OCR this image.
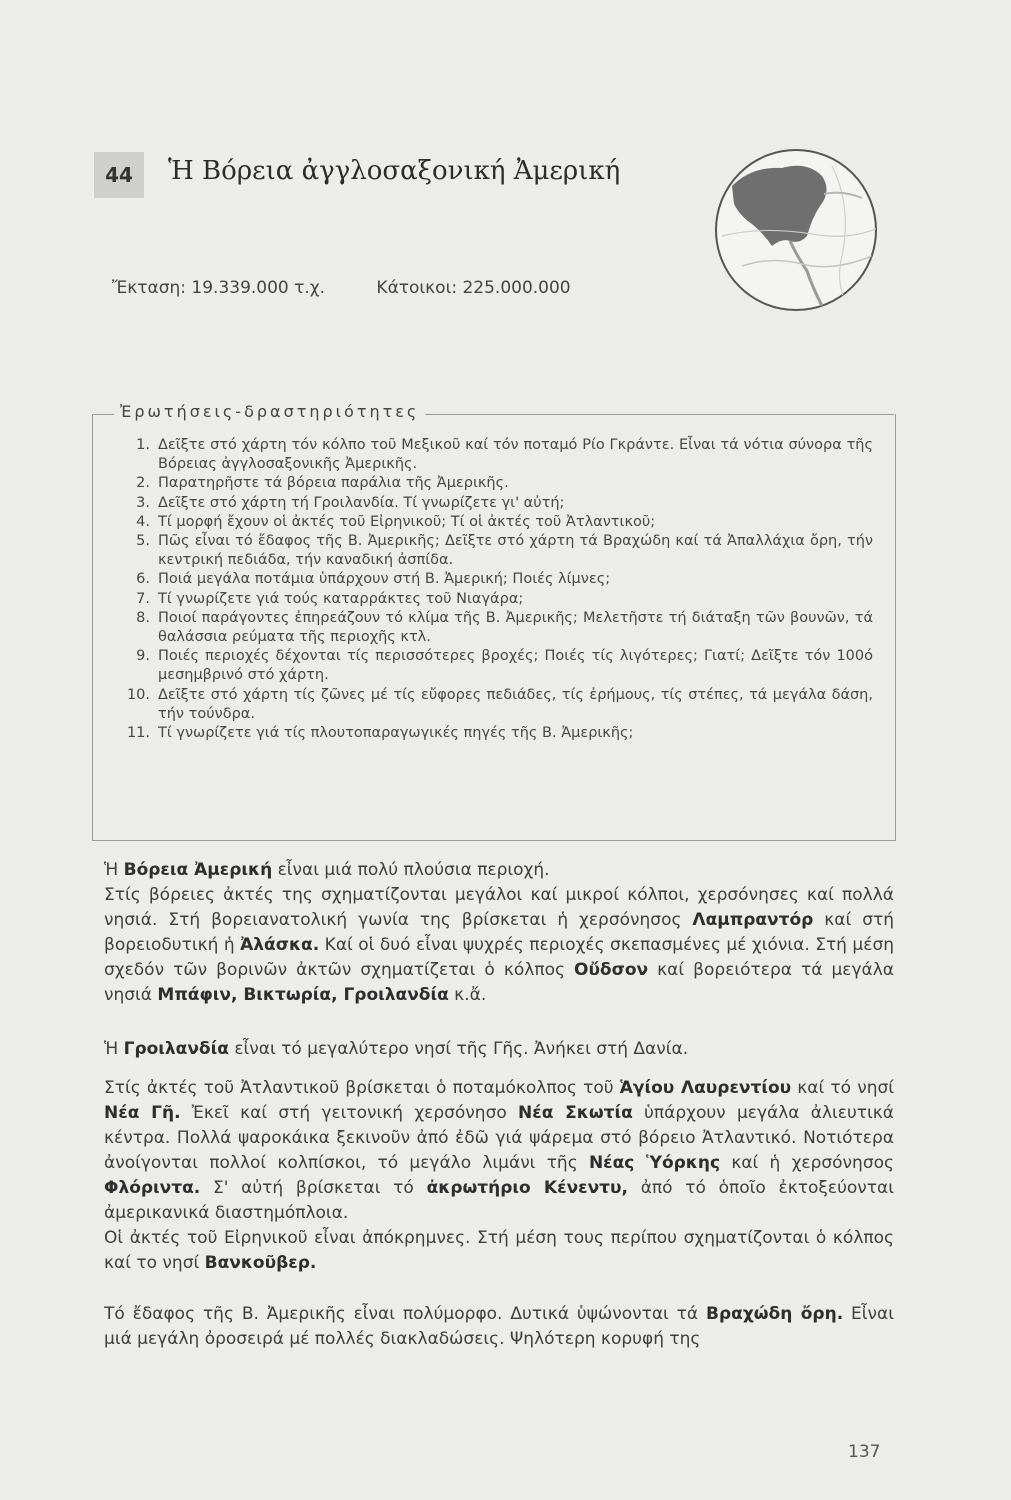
44	Ἡ Βόρεια ἀγγλοσαξονική Ἀμερική
Ἔκταση: 19.339.000 τ.χ.	Κάτοικοι: 225.000.000
Ἐρωτήσεις-δραστηριότητες
1. Δεῖξτε στό χάρτη τόν κόλπο τοῦ Μεξικοῦ καί τόν ποταμό Ρίο Γκράντε. Εἶναι τά νότια σύνορα τῆς Βόρειας ἀγγλοσαξονικῆς Ἀμερικῆς.
2. Παρατηρῆστε τά βόρεια παράλια τῆς Ἀμερικῆς.
3. Δεῖξτε στό χάρτη τή Γροιλανδία. Τί γνωρίζετε γι' αὐτή;
4. Τί μορφή ἔχουν οἱ ἀκτές τοῦ Εἰρηνικοῦ; Τί οἱ ἀκτές τοῦ Ἀτλαντικοῦ;
5. Πῶς εἶναι τό ἔδαφος τῆς Β. Ἀμερικῆς; Δεῖξτε στό χάρτη τά Βραχώδη καί τά Ἀπαλλάχια ὄρη, τήν κεντρική πεδιάδα, τήν καναδική ἀσπίδα.
6. Ποιά μεγάλα ποτάμια ὑπάρχουν στή Β. Ἀμερική; Ποιές λίμνες;
7. Τί γνωρίζετε γιά τούς καταρράκτες τοῦ Νιαγάρα;
8. Ποιοί παράγοντες ἐπηρεάζουν τό κλίμα τῆς Β. Ἀμερικῆς; Μελετῆστε τή διάταξη τῶν βουνῶν, τά θαλάσσια ρεύματα τῆς περιοχῆς κτλ.
9. Ποιές περιοχές δέχονται τίς περισσότερες βροχές; Ποιές τίς λιγότερες; Γιατί; Δεῖξτε τόν 100ό μεσημβρινό στό χάρτη.
10. Δεῖξτε στό χάρτη τίς ζῶνες μέ τίς εὔφορες πεδιάδες, τίς ἐρήμους, τίς στέπες, τά μεγάλα δάση, τήν τούνδρα.
11. Τί γνωρίζετε γιά τίς πλουτοπαραγωγικές πηγές τῆς Β. Ἀμερικῆς;

Ἡ Βόρεια Ἀμερική εἶναι μιά πολύ πλούσια περιοχή.
Στίς βόρειες ἀκτές της σχηματίζονται μεγάλοι καί μικροί κόλποι, χερσόνησες καί πολλά νησιά. Στή βορειανατολική γωνία της βρίσκεται ἡ χερσόνησος Λαμπραντόρ καί στή βορειοδυτική ἡ Ἀλάσκα. Καί οἱ δυό εἶναι ψυχρές περιοχές σκεπασμένες μέ χιόνια. Στή μέση σχεδόν τῶν βορινῶν ἀκτῶν σχηματίζεται ὁ κόλπος Οὔδσον καί βορειότερα τά μεγάλα νησιά Μπάφιν, Βικτωρία, Γροιλανδία κ.ἄ.

Ἡ Γροιλανδία εἶναι τό μεγαλύτερο νησί τῆς Γῆς. Ἀνήκει στή Δανία.

Στίς ἀκτές τοῦ Ἀτλαντικοῦ βρίσκεται ὁ ποταμόκολπος τοῦ Ἁγίου Λαυρεντίου καί τό νησί Νέα Γῆ. Ἐκεῖ καί στή γειτονική χερσόνησο Νέα Σκωτία ὑπάρχουν μεγάλα ἀλιευτικά κέντρα. Πολλά ψαροκάικα ξεκινοῦν ἀπό ἐδῶ γιά ψάρεμα στό βόρειο Ἀτλαντικό. Νοτιότερα ἀνοίγονται πολλοί κολπίσκοι, τό μεγάλο λιμάνι τῆς Νέας Ὑόρκης καί ἡ χερσόνησος Φλόριντα. Σ' αὐτή βρίσκεται τό ἀκρωτήριο Κένεντυ, ἀπό τό ὁποῖο ἐκτοξεύονται ἀμερικανικά διαστημόπλοια.
Οἱ ἀκτές τοῦ Εἰρηνικοῦ εἶναι ἀπόκρημνες. Στή μέση τους περίπου σχηματίζονται ὁ κόλπος καί το νησί Βανκοῦβερ.

Τό ἔδαφος τῆς Β. Ἀμερικῆς εἶναι πολύμορφο. Δυτικά ὑψώνονται τά Βραχώδη ὄρη. Εἶναι μιά μεγάλη ὀροσειρά μέ πολλές διακλαδώσεις. Ψηλότερη κορυφή της

137
